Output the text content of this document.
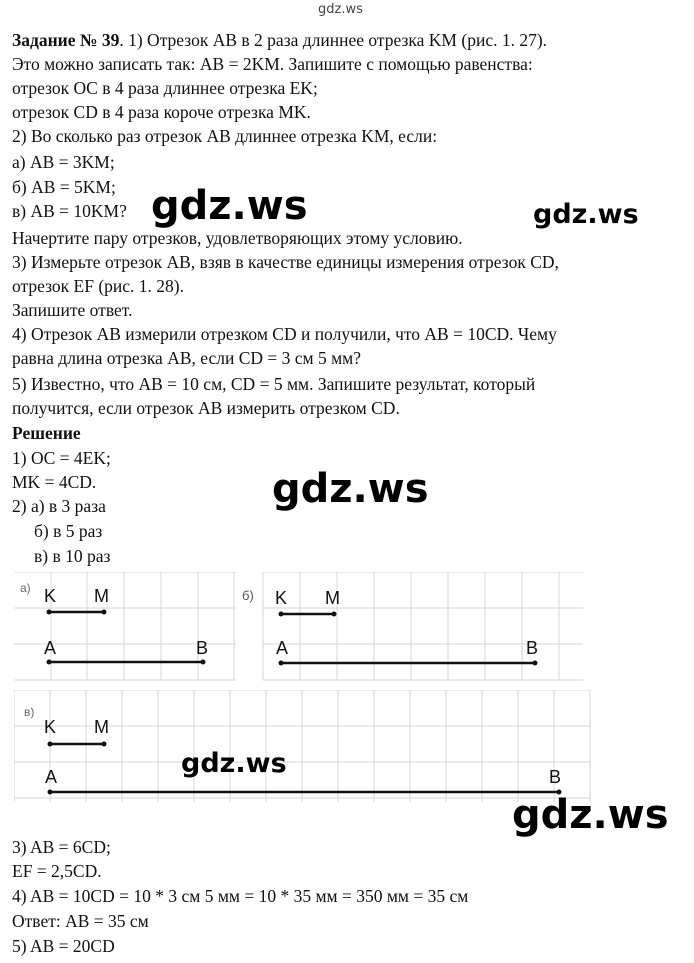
gdz.ws
Задание № 39. 1) Отрезок AB в 2 раза длиннее отрезка KM (рис. 1. 27).
Это можно записать так: AB = 2KM. Запишите с помощью равенства:
отрезок OC в 4 раза длиннее отрезка EK;
отрезок CD в 4 раза короче отрезка MK.
2) Во сколько раз отрезок AB длиннее отрезка KM, если:
а) AB = 3KM;
б) AB = 5KM;
в) AB = 10KM?
Начертите пару отрезков, удовлетворяющих этому условию.
3) Измерьте отрезок AB, взяв в качестве единицы измерения отрезок CD,
отрезок EF (рис. 1. 28).
Запишите ответ.
4) Отрезок AB измерили отрезком CD и получили, что AB = 10CD. Чему
равна длина отрезка AB, если CD = 3 см 5 мм?
5) Известно, что AB = 10 см, CD = 5 мм. Запишите результат, который
получится, если отрезок AB измерить отрезком CD.
Решение
1) OC = 4EK;
MK = 4CD.
2) а) в 3 раза
б) в 5 раз
в) в 10 раз
а) K M
A	B
б) K M
A	B
в)
K M
A	B
3) AB = 6CD;
EF = 2,5CD.
4) AB = 10CD = 10 * 3 см 5 мм = 10 * 35 мм = 350 мм = 35 см
Ответ: AB = 35 см
5) AB = 20CD
gdz.ws	gdz.ws
gdz.ws
gdz.ws
gdz.ws
